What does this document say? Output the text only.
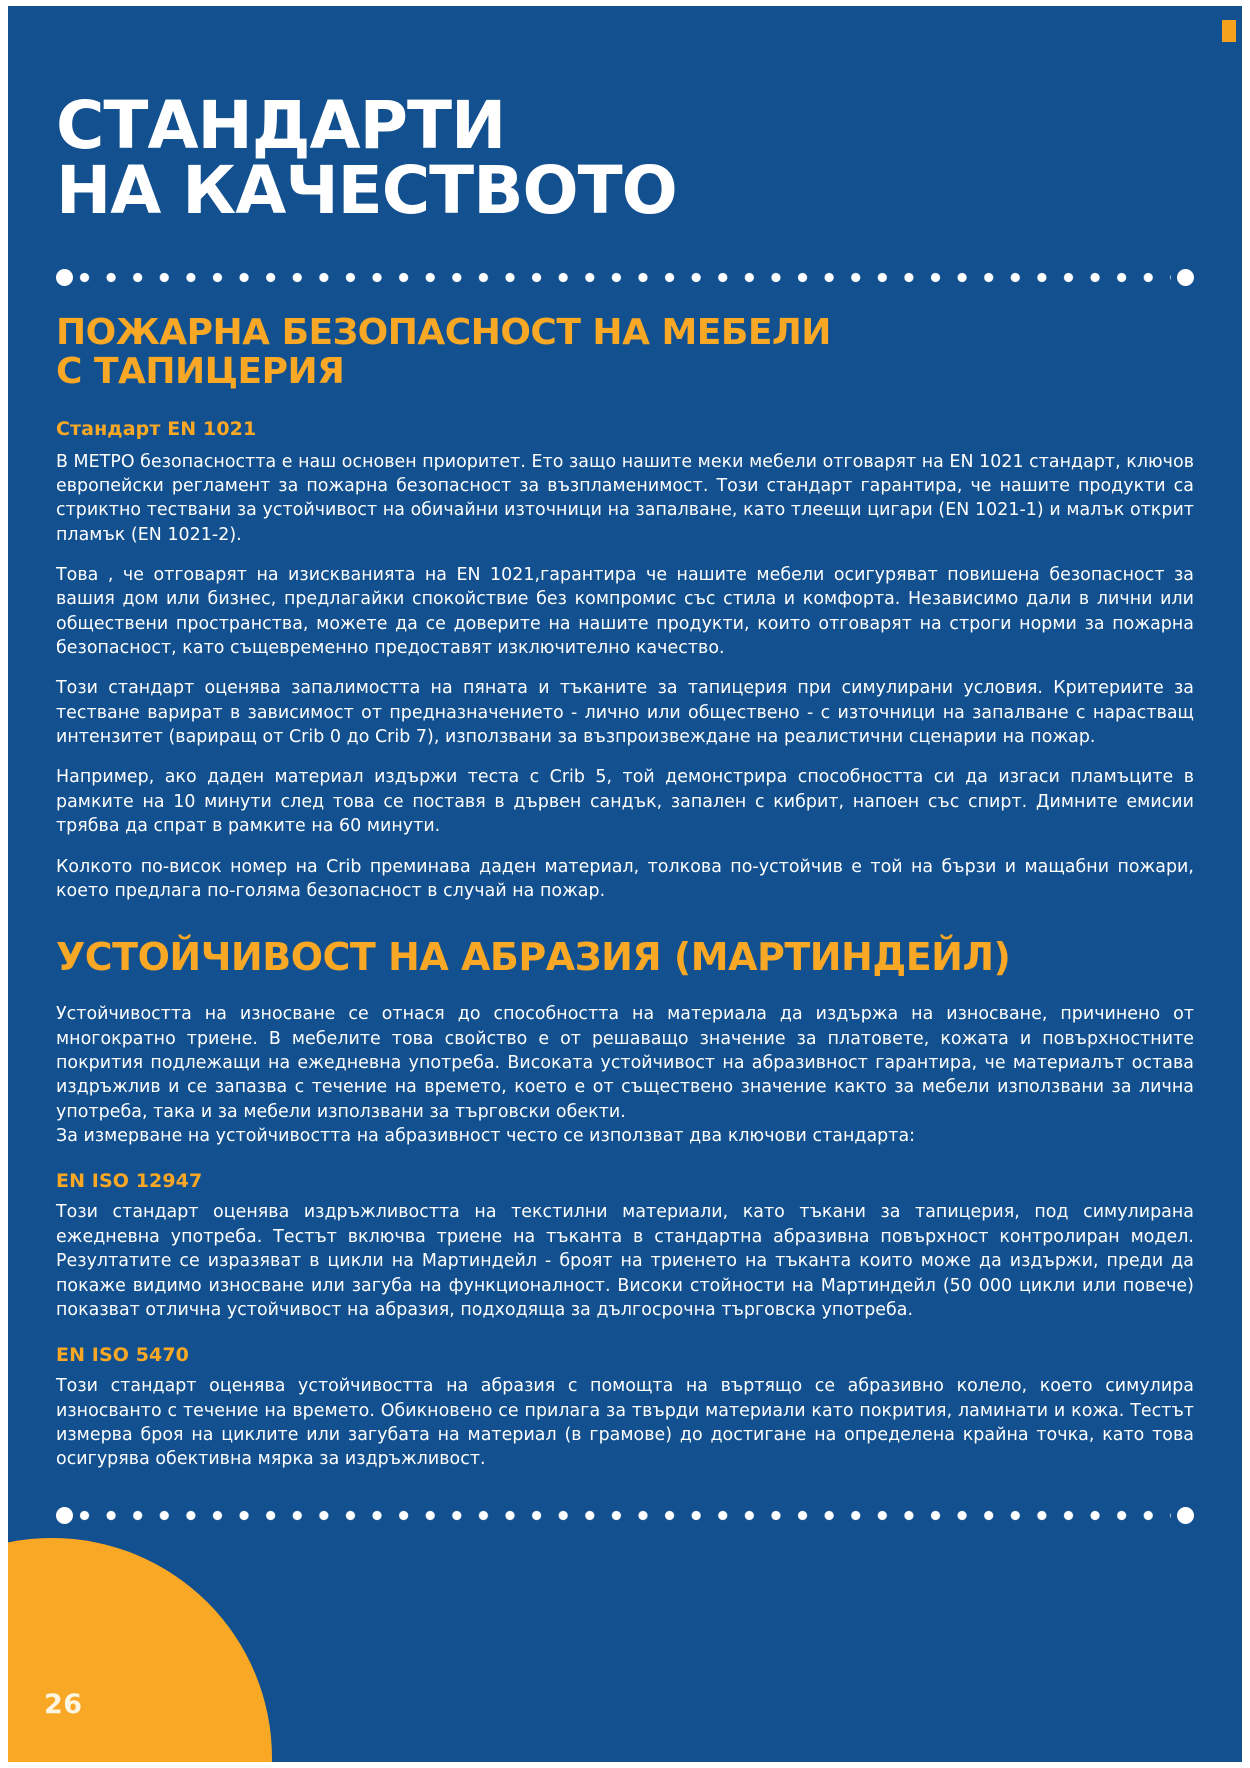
26
СТАНДАРТИ
НА КАЧЕСТВОТО
ПОЖАРНА БЕЗОПАСНОСТ НА МЕБЕЛИ
С ТАПИЦЕРИЯ
Стандарт EN 1021

В МЕТРО безопасността е наш основен приоритет. Ето защо нашите меки мебели отговарят на EN 1021 стандарт, ключов европейски регламент за пожарна безопасност за възпламенимост. Този стандарт гарантира, че нашите продукти са стриктно тествани за устойчивост на обичайни източници на запалване, като тлеещи цигари (EN 1021-1) и малък открит пламък (EN 1021-2).

Това , че отговарят на изискванията на EN 1021,гарантира че нашите мебели осигуряват повишена безопасност за вашия дом или бизнес, предлагайки спокойствие без компромис със стила и комфорта. Независимо дали в лични или обществени пространства, можете да се доверите на нашите продукти, които отговарят на строги норми за пожарна безопасност, като същевременно предоставят изключително качество.

Този стандарт оценява запалимостта на пяната и тъканите за тапицерия при симулирани условия. Критериите за тестване варират в зависимост от предназначението - лично или обществено - с източници на запалване с нарастващ интензитет (вариращ от Crib 0 до Crib 7), използвани за възпроизвеждане на реалистични сценарии на пожар.

Например, ако даден материал издържи теста с Crib 5, той демонстрира способността си да изгаси пламъците в рамките на 10 минути след това се поставя в дървен сандък, запален с кибрит, напоен със спирт. Димните емисии трябва да спрат в рамките на 60 минути.

Колкото по-висок номер на Crib преминава даден материал, толкова по-устойчив е той на бързи и мащабни пожари, което предлага по-голяма безопасност в случай на пожар.

УСТОЙЧИВОСТ НА АБРАЗИЯ (МАРТИНДЕЙЛ)

Устойчивостта на износване се отнася до способността на материала да издържа на износване, причинено от многократно триене. В мебелите това свойство е от решаващо значение за платовете, кожата и повърхностните покрития подлежащи на ежедневна употреба. Високата устойчивост на абразивност гарантира, че материалът остава издръжлив и се запазва с течение на времето, което е от съществено значение както за мебели използвани за лична употреба, така и за мебели използвани за търговски обекти.

За измерване на устойчивостта на абразивност често се използват два ключови стандарта:

EN ISO 12947

Този стандарт оценява издръжливостта на текстилни материали, като тъкани за тапицерия, под симулирана ежедневна употреба. Тестът включва триене на тъканта в стандартна абразивна повърхност контролиран модел. Резултатите се изразяват в цикли на Мартиндейл - броят на триенето на тъканта които може да издържи, преди да покаже видимо износване или загуба на функционалност. Високи стойности на Мартиндейл (50 000 цикли или повече) показват отлична устойчивост на абразия, подходяща за дългосрочна търговска употреба.

EN ISO 5470

Този стандарт оценява устойчивостта на абразия с помощта на въртящо се абразивно колело, което симулира износванто с течение на времето. Обикновено се прилага за твърди материали като покрития, ламинати и кожа. Тестът измерва броя на циклите или загубата на материал (в грамове) до достигане на определена крайна точка, като това осигурява обективна мярка за издръжливост.
